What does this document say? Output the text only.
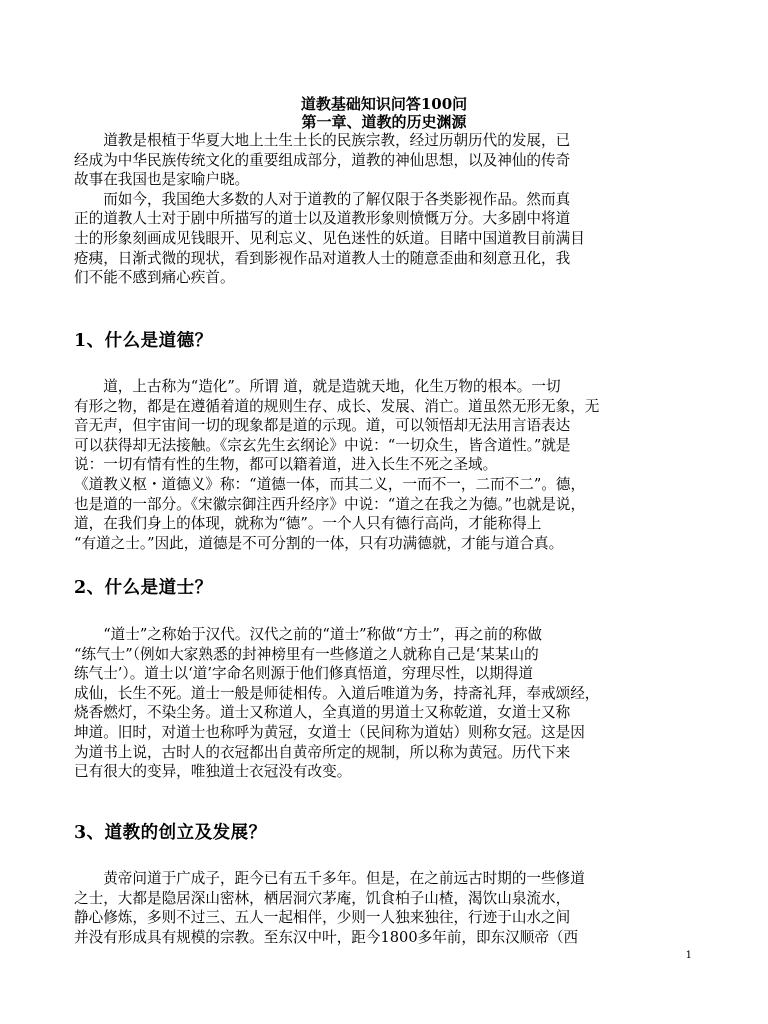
道教基础知识问答100问
第一章、道教的历史渊源
　　道教是根植于华夏大地上土生土长的民族宗教，经过历朝历代的发展，已
经成为中华民族传统文化的重要组成部分，道教的神仙思想，以及神仙的传奇
故事在我国也是家喻户晓。
　　而如今，我国绝大多数的人对于道教的了解仅限于各类影视作品。然而真
正的道教人士对于剧中所描写的道士以及道教形象则愤慨万分。大多剧中将道
士的形象刻画成见钱眼开、见利忘义、见色迷性的妖道。目睹中国道教目前满目
疮痍，日渐式微的现状，看到影视作品对道教人士的随意歪曲和刻意丑化，我
们不能不感到痛心疾首。
1、什么是道德？
　　道，上古称为“造化”。所谓 道，就是造就天地，化生万物的根本。一切
有形之物，都是在遵循着道的规则生存、成长、发展、消亡。道虽然无形无象，无
音无声，但宇宙间一切的现象都是道的示现。道，可以领悟却无法用言语表达
可以获得却无法接触。《宗玄先生玄纲论》中说：“一切众生，皆含道性。”就是
说：一切有情有性的生物，都可以籍着道，进入长生不死之圣域。
《道教义枢・道德义》称：“道德一体，而其二义，一而不一，二而不二”。德，
也是道的一部分。《宋徽宗御注西升经序》中说：“道之在我之为德。”也就是说，
道，在我们身上的体现，就称为“德”。一个人只有德行高尚，才能称得上
“有道之士。”因此，道德是不可分割的一体，只有功满德就，才能与道合真。
2、什么是道士？
　　“道士”之称始于汉代。汉代之前的“道士”称做“方士”，再之前的称做
“练气士”（例如大家熟悉的封神榜里有一些修道之人就称自己是‘某某山的
练气士’）。道士以‘道’字命名则源于他们修真悟道，穷理尽性，以期得道
成仙，长生不死。道士一般是师徒相传。入道后唯道为务，持斋礼拜，奉戒颂经，
烧香燃灯，不染尘务。道士又称道人，全真道的男道士又称乾道，女道士又称
坤道。旧时，对道士也称呼为黄冠，女道士（民间称为道姑）则称女冠。这是因
为道书上说，古时人的衣冠都出自黄帝所定的规制，所以称为黄冠。历代下来
已有很大的变异，唯独道士衣冠没有改变。
3、道教的创立及发展？
　　黄帝问道于广成子，距今已有五千多年。但是，在之前远古时期的一些修道
之士，大都是隐居深山密林，栖居洞穴茅庵，饥食柏子山楂，渴饮山泉流水，
静心修炼，多则不过三、五人一起相伴，少则一人独来独往，行迹于山水之间
并没有形成具有规模的宗教。至东汉中叶，距今1800多年前，即东汉顺帝（西
1
